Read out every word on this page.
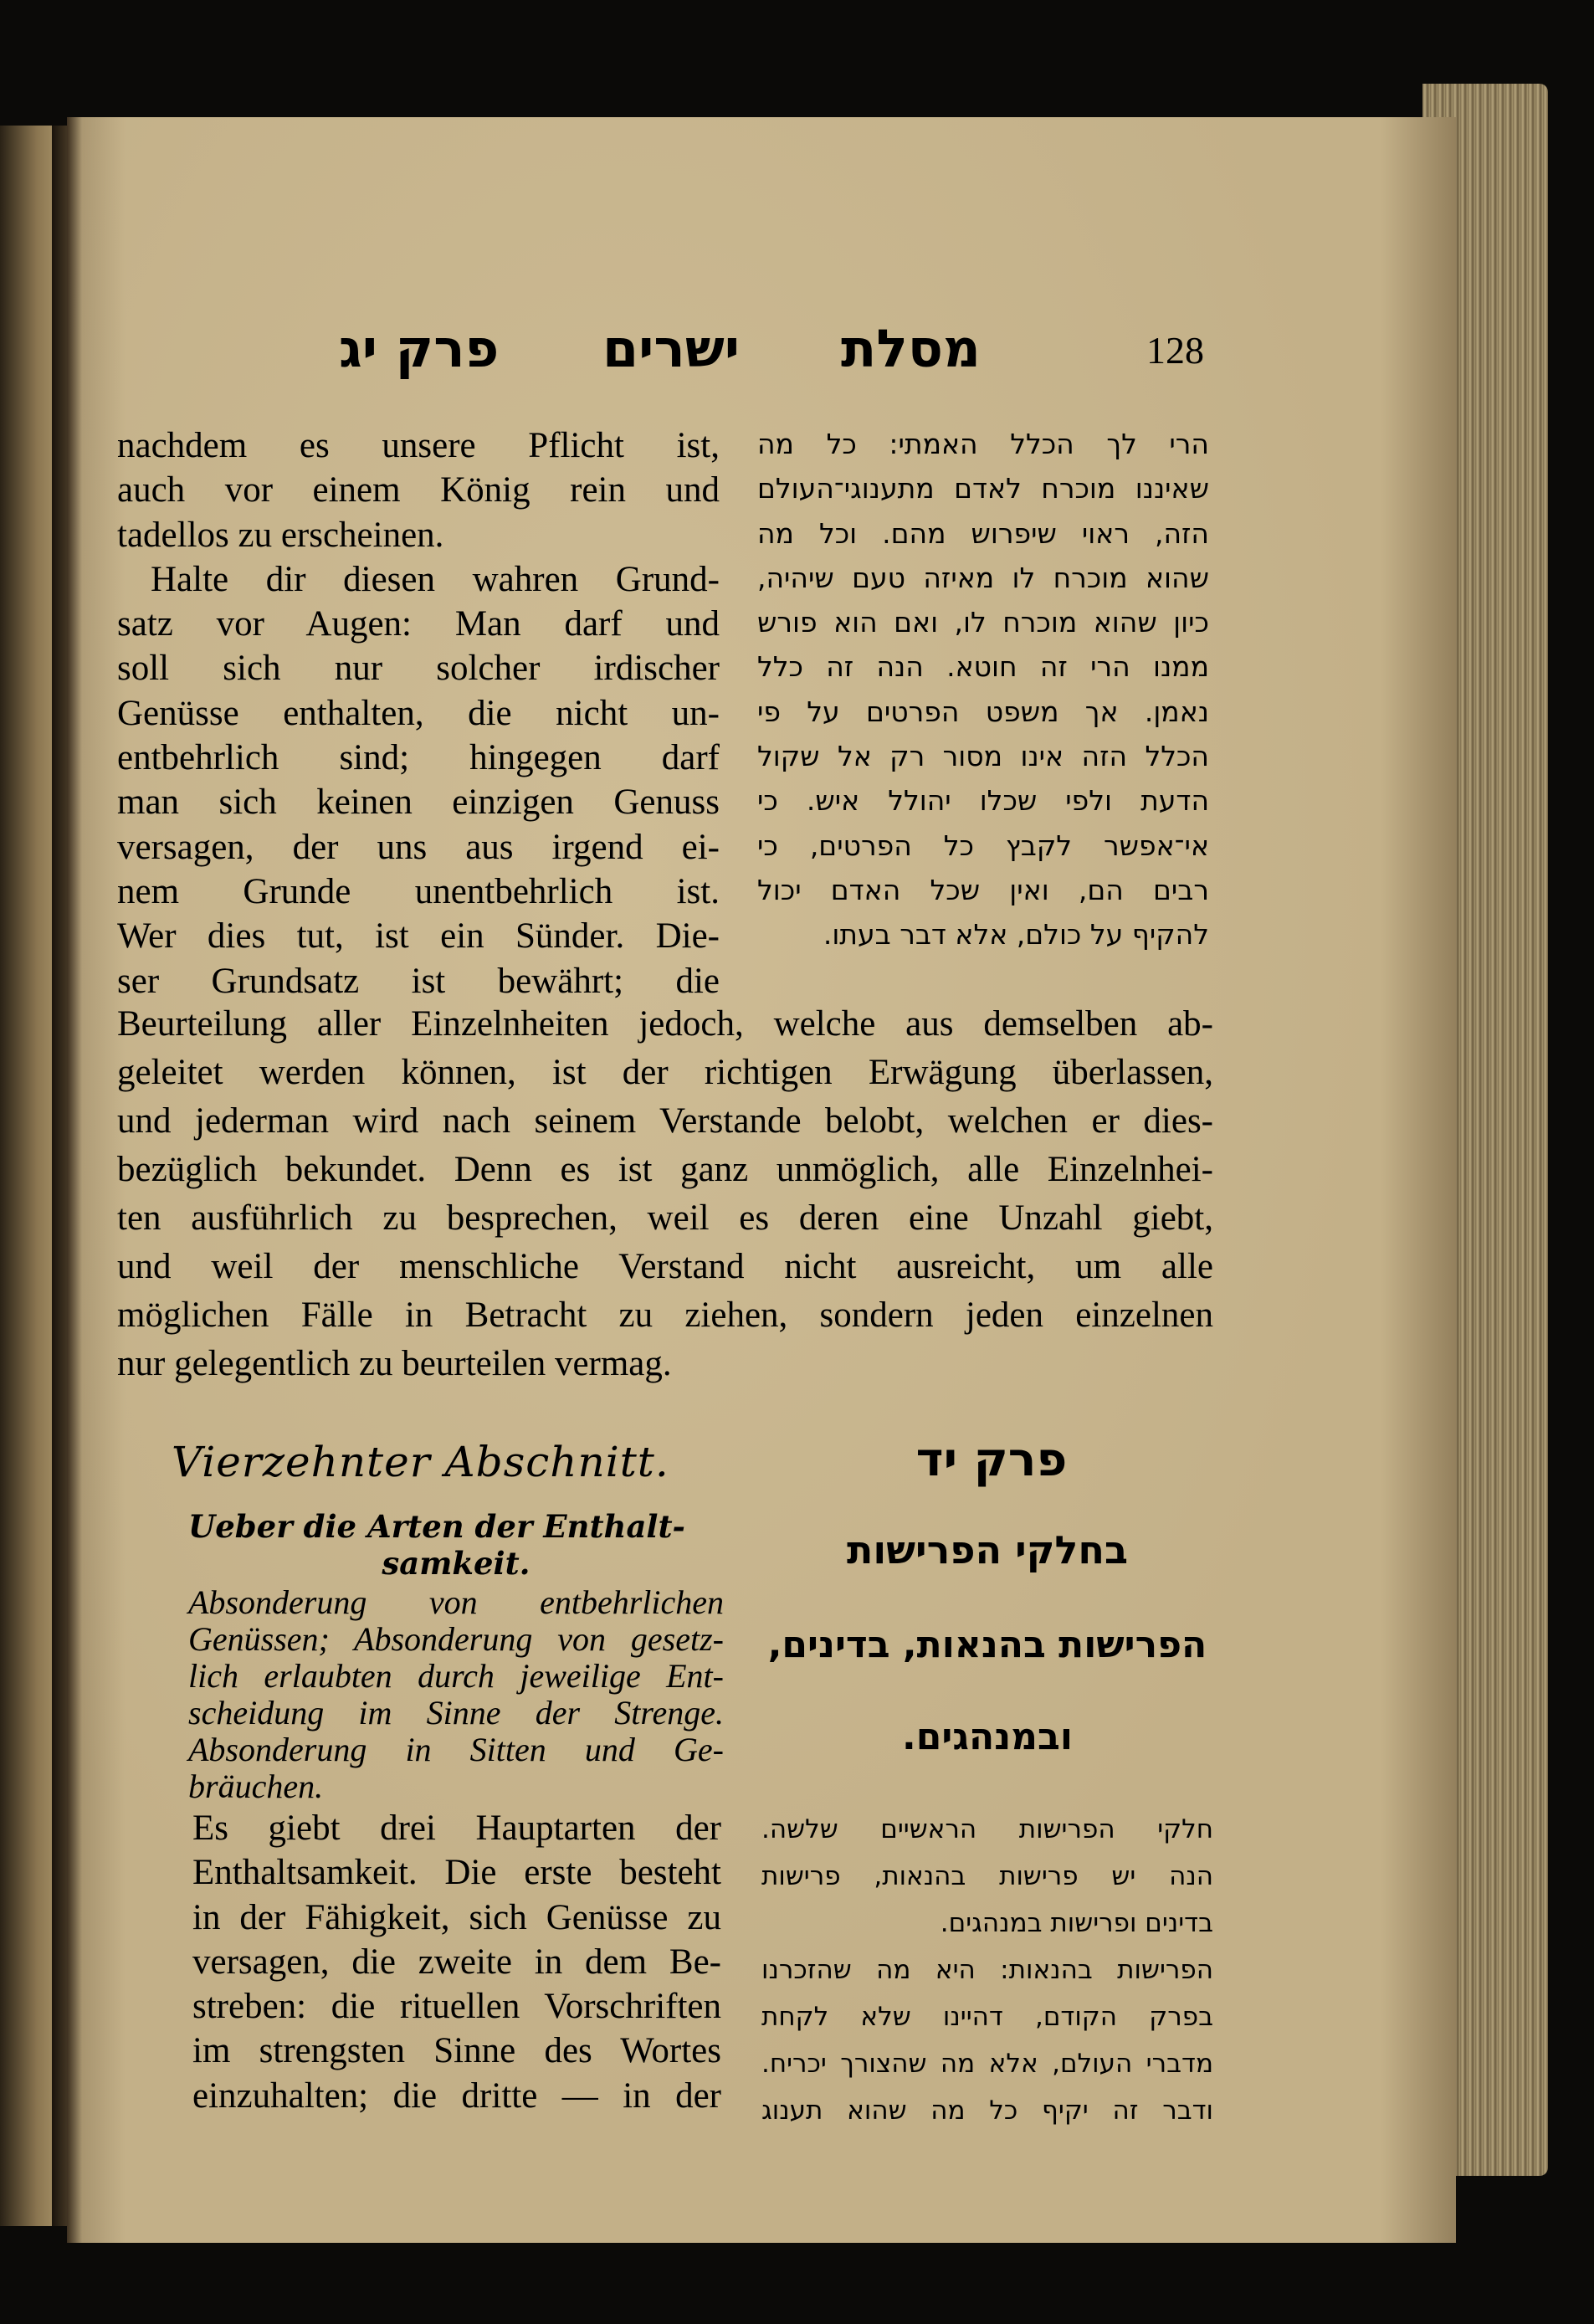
פרק יג ישרים מסלת	128
nachdem es unsere Pflicht ist,
auch vor einem König rein und
tadellos zu erscheinen.
Halte dir diesen wahren Grund-
satz vor Augen: Man darf und
soll sich nur solcher irdischer
Genüsse enthalten, die nicht un-
entbehrlich sind; hingegen darf
man sich keinen einzigen Genuss
versagen, der uns aus irgend ei-
nem Grunde unentbehrlich ist.
Wer dies tut, ist ein Sünder. Die-
ser Grundsatz ist bewährt; die
הרי לך הכלל האמתי: כל מה
שאיננו מוכרח לאדם מתענוגי־העולם
הזה, ראוי שיפרוש מהם. וכל מה
שהוא מוכרח לו מאיזה טעם שיהיה,
כיון שהוא מוכרח לו, ואם הוא פורש
ממנו הרי זה חוטא. הנה זה כלל
נאמן. אך משפט הפרטים על פי
הכלל הזה אינו מסור רק אל שקול
הדעת ולפי שכלו יהולל איש. כי
אי־אפשר לקבץ כל הפרטים, כי
רבים הם, ואין שכל האדם יכול
להקיף על כולם, אלא דבר בעתו.
Beurteilung aller Einzelnheiten jedoch, welche aus demselben ab-
geleitet werden können, ist der richtigen Erwägung überlassen,
und jederman wird nach seinem Verstande belobt, welchen er dies-
bezüglich bekundet. Denn es ist ganz unmöglich, alle Einzelnhei-
ten ausführlich zu besprechen, weil es deren eine Unzahl giebt,
und weil der menschliche Verstand nicht ausreicht, um alle
möglichen Fälle in Betracht zu ziehen, sondern jeden einzelnen
nur gelegentlich zu beurteilen vermag.
Vierzehnter Abschnitt.
Ueber die Arten der Enthalt-
samkeit.
Absonderung von entbehrlichen
Genüssen; Absonderung von gesetz-
lich erlaubten durch jeweilige Ent-
scheidung im Sinne der Strenge.
Absonderung in Sitten und Ge-
bräuchen.
Es giebt drei Hauptarten der
Enthaltsamkeit. Die erste besteht
in der Fähigkeit, sich Genüsse zu
versagen, die zweite in dem Be-
streben: die rituellen Vorschriften
im strengsten Sinne des Wortes
einzuhalten; die dritte — in der
פרק יד
בחלקי הפרישות
הפרישות בהנאות, בדינים,
ובמנהגים.
חלקי הפרישות הראשיים שלשה.
הנה יש פרישות בהנאות, פרישות
בדינים ופרישות במנהגים.
הפרישות בהנאות: היא מה שהזכרנו
בפרק הקודם, דהיינו שלא לקחת
מדברי העולם, אלא מה שהצורך יכריח.
ודבר זה יקיף כל מה שהוא תענוג
